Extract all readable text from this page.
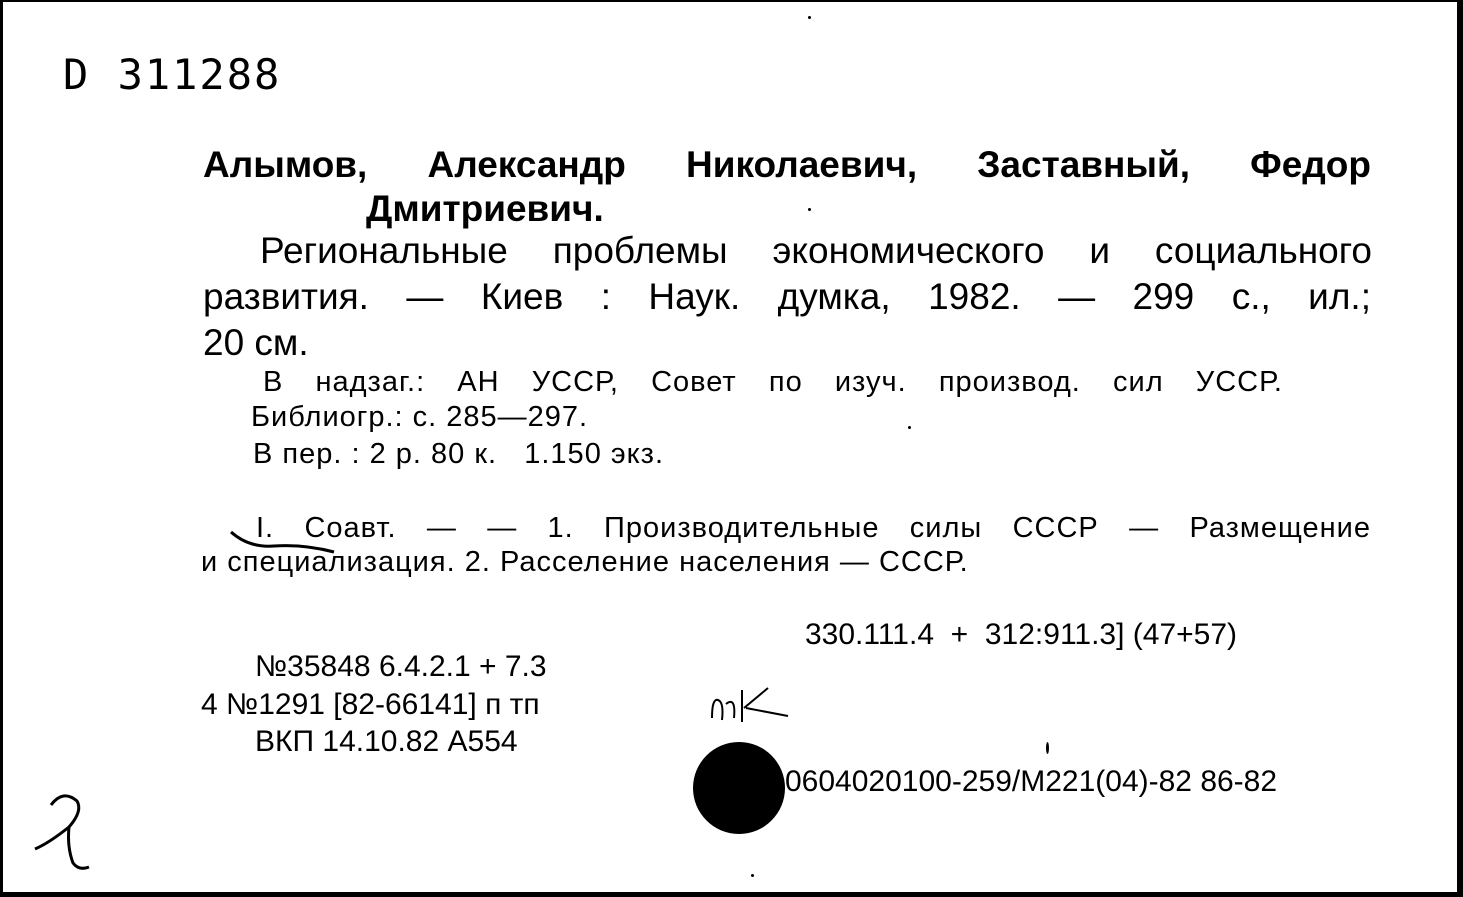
D 311288
Алымов, Александр Николаевич, Заставный, Федор
Дмитриевич.
Региональные проблемы экономического и социального
развития. — Киев : Наук. думка, 1982. — 299 с., ил.;
20 см.
В надзаг.: АН УССР, Совет по изуч. производ. сил УССР.
Библиогр.: с. 285—297.
В пер. : 2 р. 80 к.   1.150 экз.
I. Соавт. — — 1. Производительные силы СССР — Размещение
и специализация. 2. Расселение населения — СССР.
330.111.4  +  312:911.3] (47+57)
№35848 6.4.2.1 + 7.3
4 №1291 [82-66141] п тп
ВКП 14.10.82 А554
0604020100-259/М221(04)-82 86-82
